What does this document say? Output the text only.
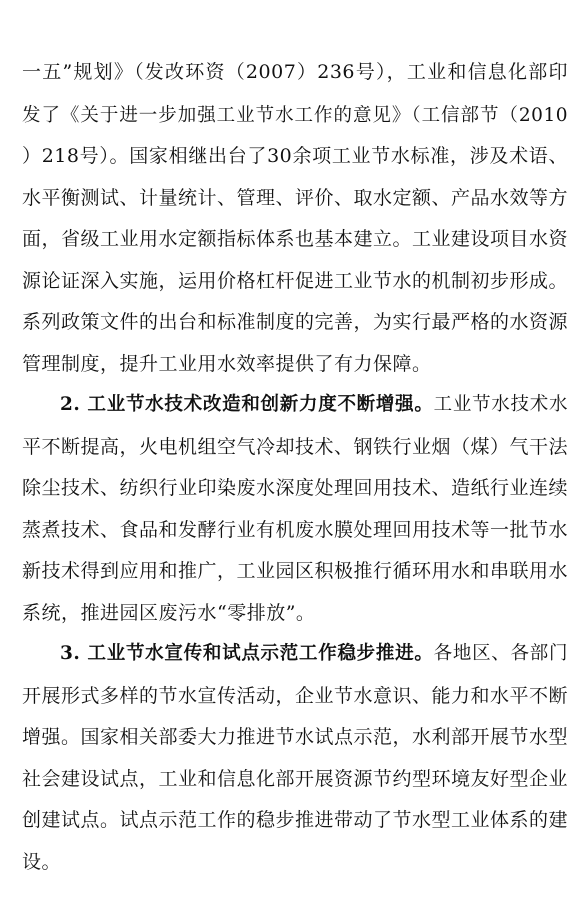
一五”规划》（发改环资（2007）236号），工业和信息化部印
发了《关于进一步加强工业节水工作的意见》（工信部节（2010
）218号）。国家相继出台了30余项工业节水标准，涉及术语、
水平衡测试、计量统计、管理、评价、取水定额、产品水效等方
面，省级工业用水定额指标体系也基本建立。工业建设项目水资
源论证深入实施，运用价格杠杆促进工业节水的机制初步形成。
系列政策文件的出台和标准制度的完善，为实行最严格的水资源
管理制度，提升工业用水效率提供了有力保障。
2. 工业节水技术改造和创新力度不断增强。工业节水技术水
平不断提高，火电机组空气冷却技术、钢铁行业烟（煤）气干法
除尘技术、纺织行业印染废水深度处理回用技术、造纸行业连续
蒸煮技术、食品和发酵行业有机废水膜处理回用技术等一批节水
新技术得到应用和推广，工业园区积极推行循环用水和串联用水
系统，推进园区废污水“零排放”。
3. 工业节水宣传和试点示范工作稳步推进。各地区、各部门
开展形式多样的节水宣传活动，企业节水意识、能力和水平不断
增强。国家相关部委大力推进节水试点示范，水利部开展节水型
社会建设试点，工业和信息化部开展资源节约型环境友好型企业
创建试点。试点示范工作的稳步推进带动了节水型工业体系的建
设。
